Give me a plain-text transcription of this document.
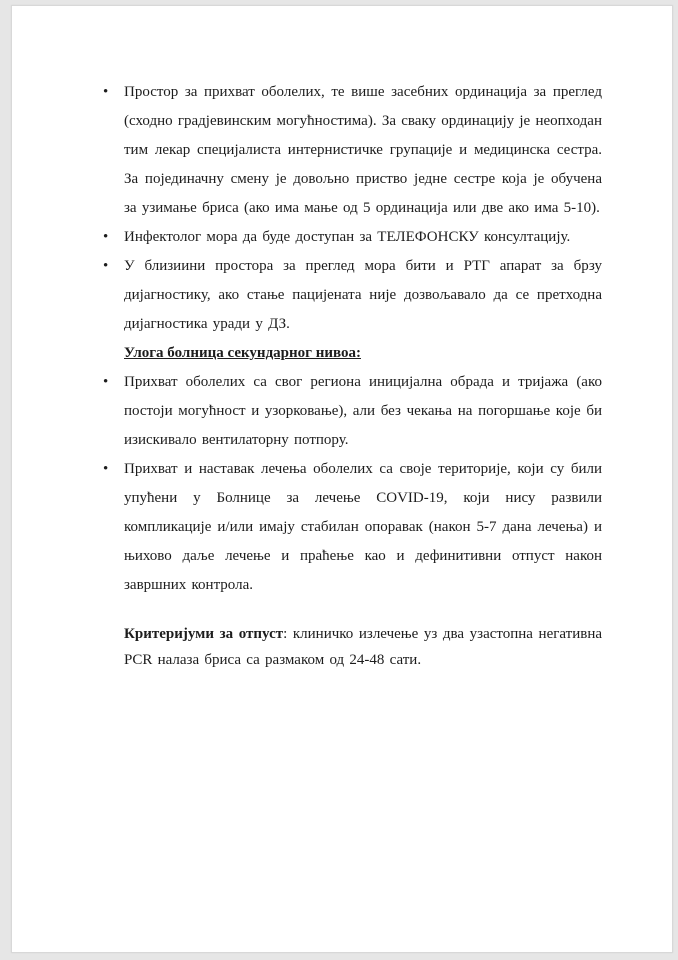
• Простор за прихват оболелих, те више засебних ординација за преглед (сходно градјевинским могућностима). За сваку ординацију је неопходан тим лекар специјалиста интернистичке групације и медицинска сестра. За појединачну смену је довољно приство једне сестре која је обучена за узимање бриса (ако има мање од 5 ординација или две ако има 5-10).
• Инфектолог мора да буде доступан за ТЕЛЕФОНСКУ консултацију.
• У близиини простора за преглед мора бити и РТГ апарат за брзу дијагностику, ако стање пацијената није дозвољавало да се претходна дијагностика уради у ДЗ.

Улога болница секундарног нивоа:

• Прихват оболелих са свог региона иницијална обрада и тријажа (ако постоји могућност и узорковање), али без чекања на погоршање које би изискивало вентилаторну потпору.
• Прихват и наставак лечења оболелих са своје територије, који су били упућени у Болнице за лечење COVID-19, који нису развили компликације и/или имају стабилан опоравак (након 5-7 дана лечења) и њихово даље лечење и праћење као и дефинитивни отпуст након завршних контрола.

Критеријуми за отпуст: клиничко излечење уз два узастопна негативна PCR налаза бриса са размаком од 24-48 сати.
